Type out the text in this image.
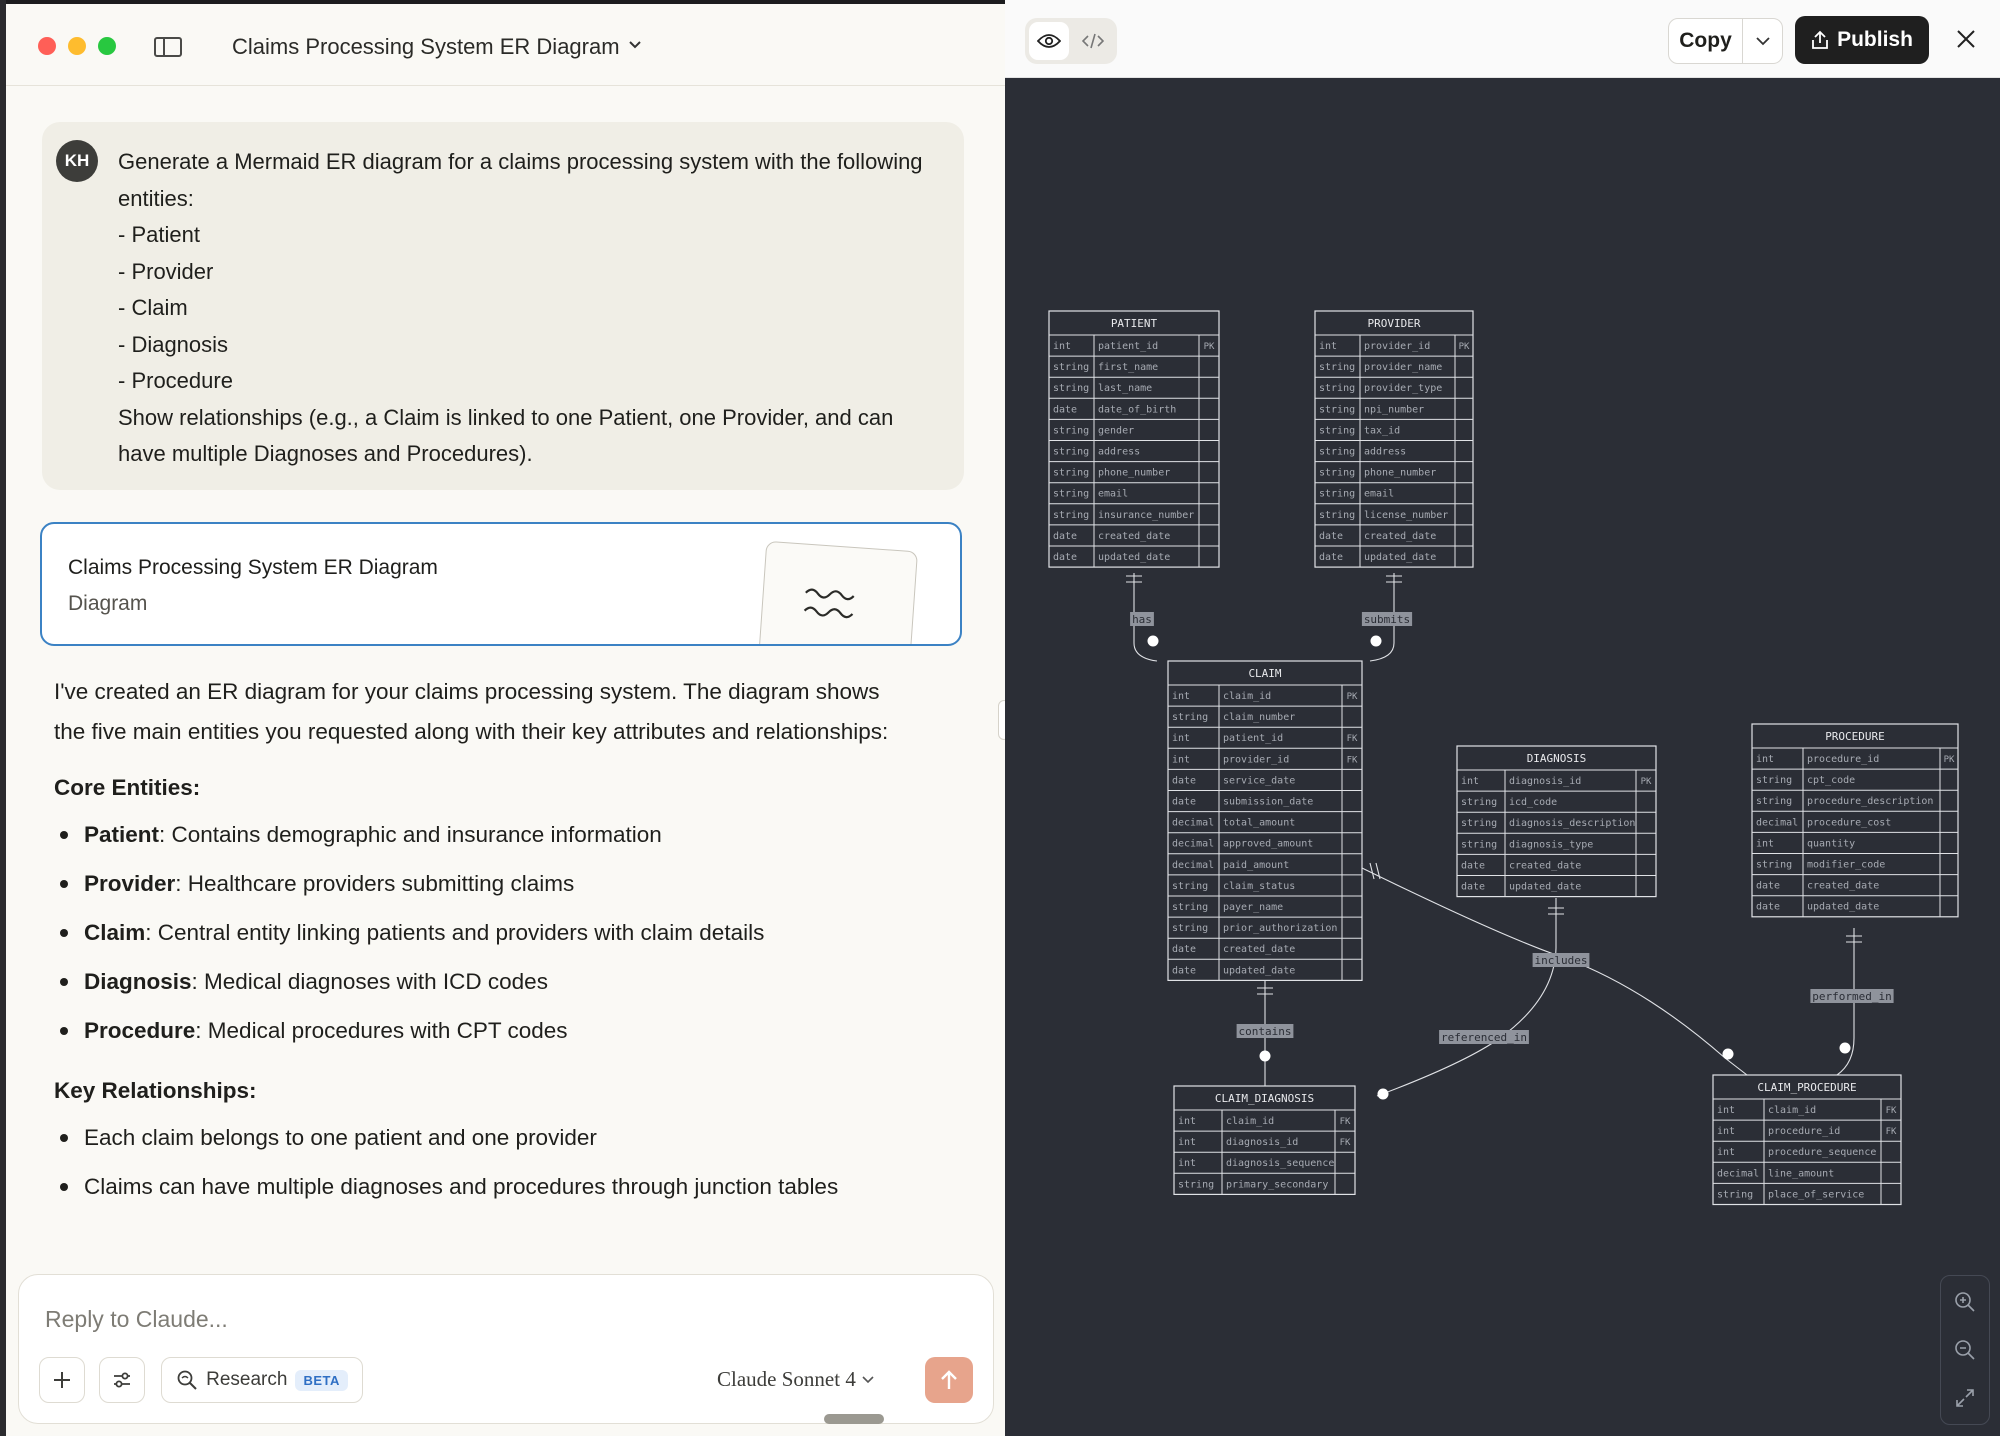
Claims Processing System ER Diagram
KH	Generate a Mermaid ER diagram for a claims processing system with the following
entities:
- Patient
- Provider
- Claim
- Diagnosis
- Procedure
Show relationships (e.g., a Claim is linked to one Patient, one Provider, and can
have multiple Diagnoses and Procedures).
Claims Processing System ER Diagram
Diagram

I've created an ER diagram for your claims processing system. The diagram shows the five main entities you requested along with their key attributes and relationships:

Core Entities:
Patient: Contains demographic and insurance information
Provider: Healthcare providers submitting claims
Claim: Central entity linking patients and providers with claim details
Diagnosis: Medical diagnoses with ICD codes
Procedure: Medical procedures with CPT codes
Key Relationships:
Each claim belongs to one patient and one provider
Claims can have multiple diagnoses and procedures through junction tables
Reply to Claude...
Research	BETA	Claude Sonnet 4
Copy	Publish
PATIENT
int	patient_id	PK
string first_name
string last_name
date date_of_birth
string gender
string address
string phone_number
string email
string insurance_number
date created_date
date updated_date
PROVIDER
int	provider_id	PK
string provider_name
string provider_type
string npi_number
string tax_id
string address
string phone_number
string email
string license_number
date created_date
date updated_date
CLAIM
int	claim_id	PK
string claim_number
int	patient_id	FK
int	provider_id	FK
date	service_date
date	submission_date
decimal total_amount
decimal approved_amount
decimal paid_amount
string claim_status
string payer_name
string prior_authorization
date	created_date
date	updated_date
DIAGNOSIS
int	diagnosis_id	PK
string icd_code
string diagnosis_description
string diagnosis_type
date created_date
date updated_date
PROCEDURE
int	procedure_id	PK
string cpt_code
string procedure_description
decimal procedure_cost
int	quantity
string modifier_code
date	created_date
date	updated_date
CLAIM_DIAGNOSIS
int	claim_id	FK
int	diagnosis_id	FK
int	diagnosis_sequence
string primary_secondary
CLAIM_PROCEDURE
int	claim_id	FK
int	procedure_id	FK
int	procedure_sequence
decimal line_amount
string place_of_service
has	submits
contains
includes
referenced_in
performed_in
